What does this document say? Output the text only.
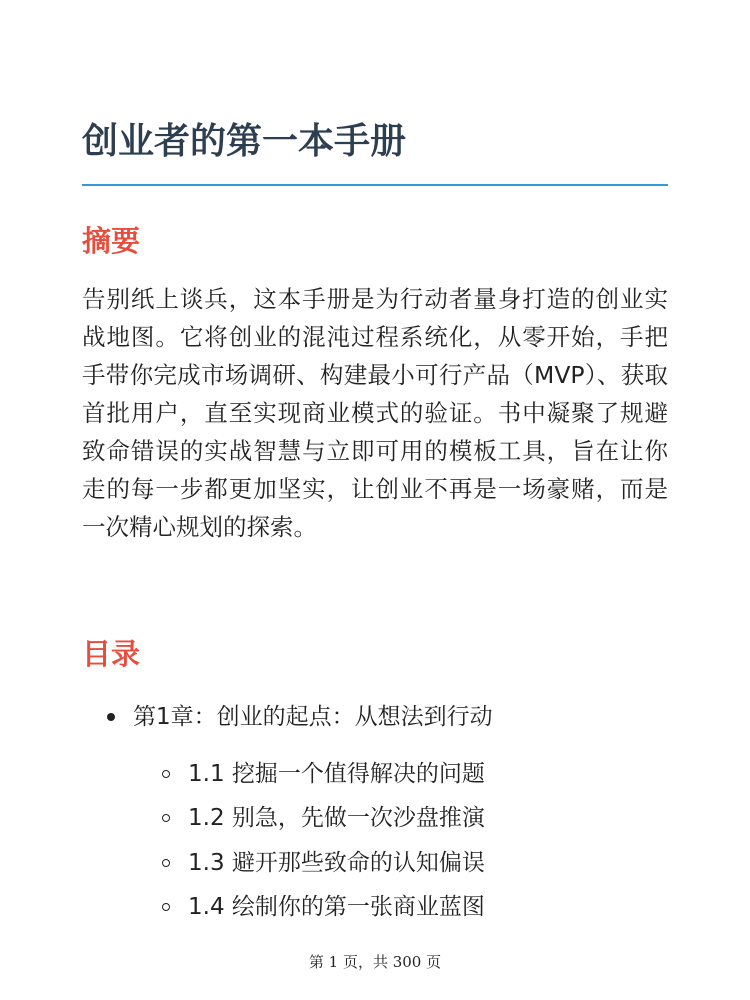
创业者的第一本手册
摘要

告别纸上谈兵，这本手册是为行动者量身打造的创业实战地图。它将创业的混沌过程系统化，从零开始，手把手带你完成市场调研、构建最小可行产品（MVP）、获取首批用户，直至实现商业模式的验证。书中凝聚了规避致命错误的实战智慧与立即可用的模板工具，旨在让你走的每一步都更加坚实，让创业不再是一场豪赌，而是一次精心规划的探索。

目录
第1章：创业的起点：从想法到行动
1.1 挖掘一个值得解决的问题
1.2 别急，先做一次沙盘推演
1.3 避开那些致命的认知偏误
1.4 绘制你的第一张商业蓝图
第 1 页，共 300 页
